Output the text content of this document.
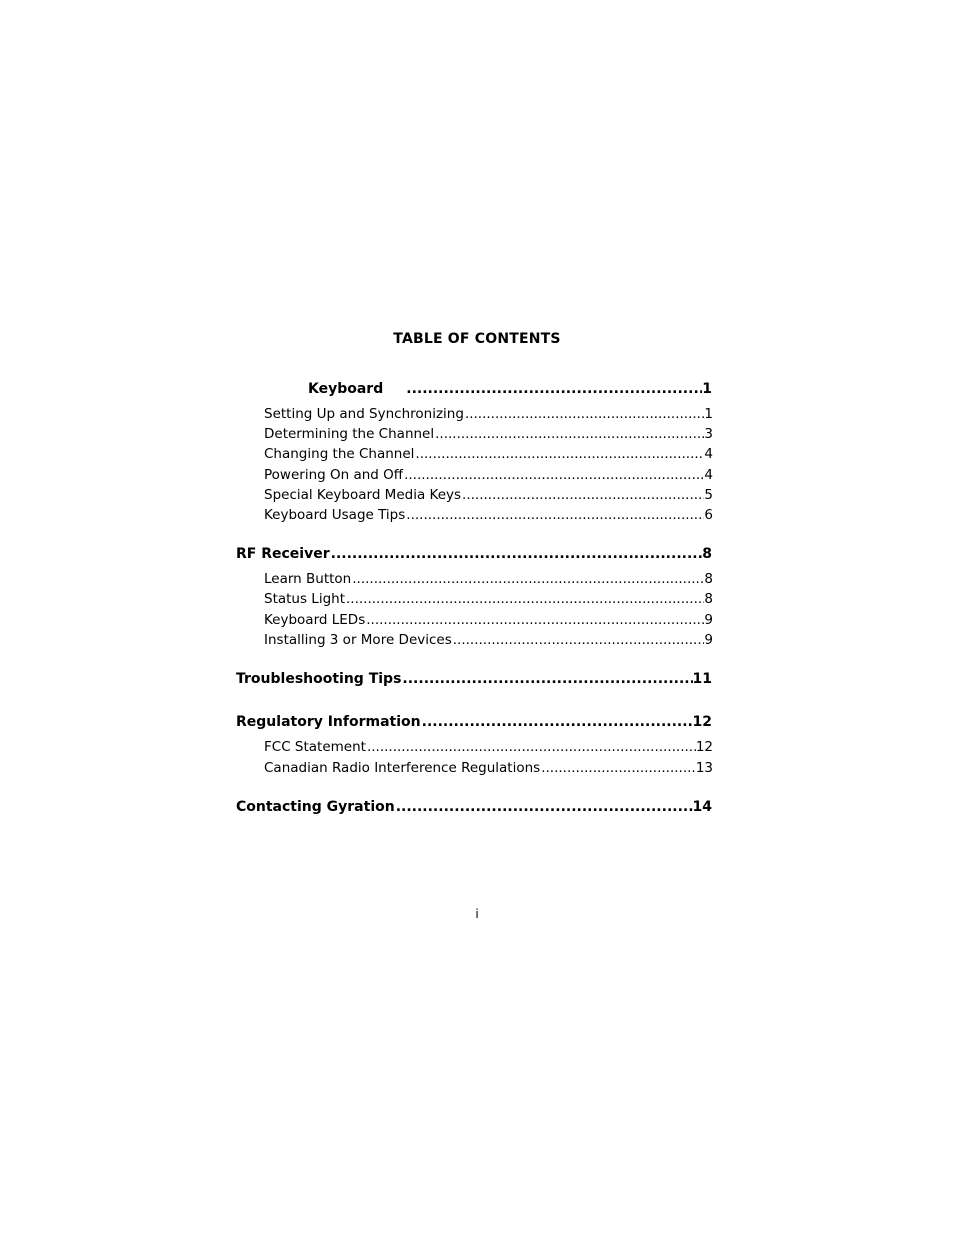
TABLE OF CONTENTS
Keyboard .....	1
Setting Up and Synchronizing .....	1
Determining the Channel .....	3
Changing the Channel .....	4
Powering On and Off .....	4
Special Keyboard Media Keys .....	5
Keyboard Usage Tips .....	6
RF Receiver .....	8
Learn Button .....	8
Status Light .....	8
Keyboard LEDs .....	9
Installing 3 or More Devices .....	9
Troubleshooting Tips .....	11
Regulatory Information .....	12
FCC Statement .....	12
Canadian Radio Interference Regulations .....	13
Contacting Gyration .....	14
i
